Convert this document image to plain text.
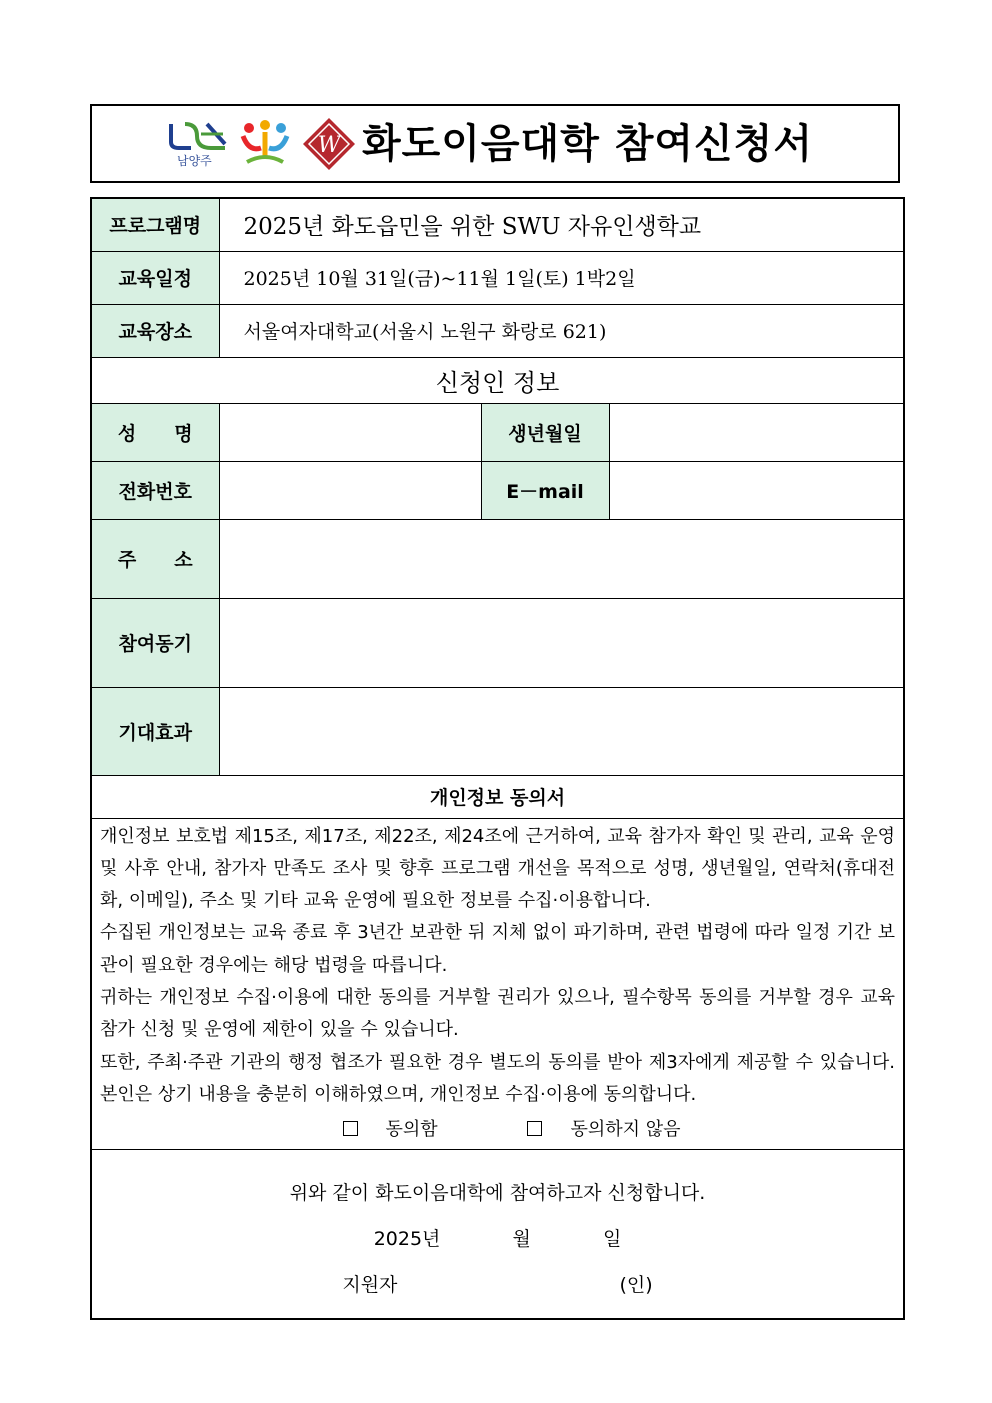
남양주
W 화도이음대학 참여신청서
프로그램명	2025년 화도읍민을 위한 SWU 자유인생학교		
교육일정	2025년 10월 31일(금)~11월 1일(토) 1박2일		
교육장소	서울여자대학교(서울시 노원구 화랑로 621)		
신청인 정보			
성　　명		생년월일	
전화번호		E－mail	
주　　소			
참여동기			
기대효과			
개인정보 동의서			

개인정보 보호법 제15조, 제17조, 제22조, 제24조에 근거하여, 교육 참가자 확인 및 관리, 교육 운영 및 사후 안내, 참가자 만족도 조사 및 향후 프로그램 개선을 목적으로 성명, 생년월일, 연락처(휴대전화, 이메일), 주소 및 기타 교육 운영에 필요한 정보를 수집·이용합니다.

수집된 개인정보는 교육 종료 후 3년간 보관한 뒤 지체 없이 파기하며, 관련 법령에 따라 일정 기간 보관이 필요한 경우에는 해당 법령을 따릅니다.

귀하는 개인정보 수집·이용에 대한 동의를 거부할 권리가 있으나, 필수항목 동의를 거부할 경우 교육 참가 신청 및 운영에 제한이 있을 수 있습니다.

또한, 주최·주관 기관의 행정 협조가 필요한 경우 별도의 동의를 받아 제3자에게 제공할 수 있습니다. 본인은 상기 내용을 충분히 이해하였으며, 개인정보 수집·이용에 동의합니다.

동의함 동의하지 않음			

위와 같이 화도이음대학에 참여하고자 신청합니다.
2025년 월 일
지원자 (인)			
